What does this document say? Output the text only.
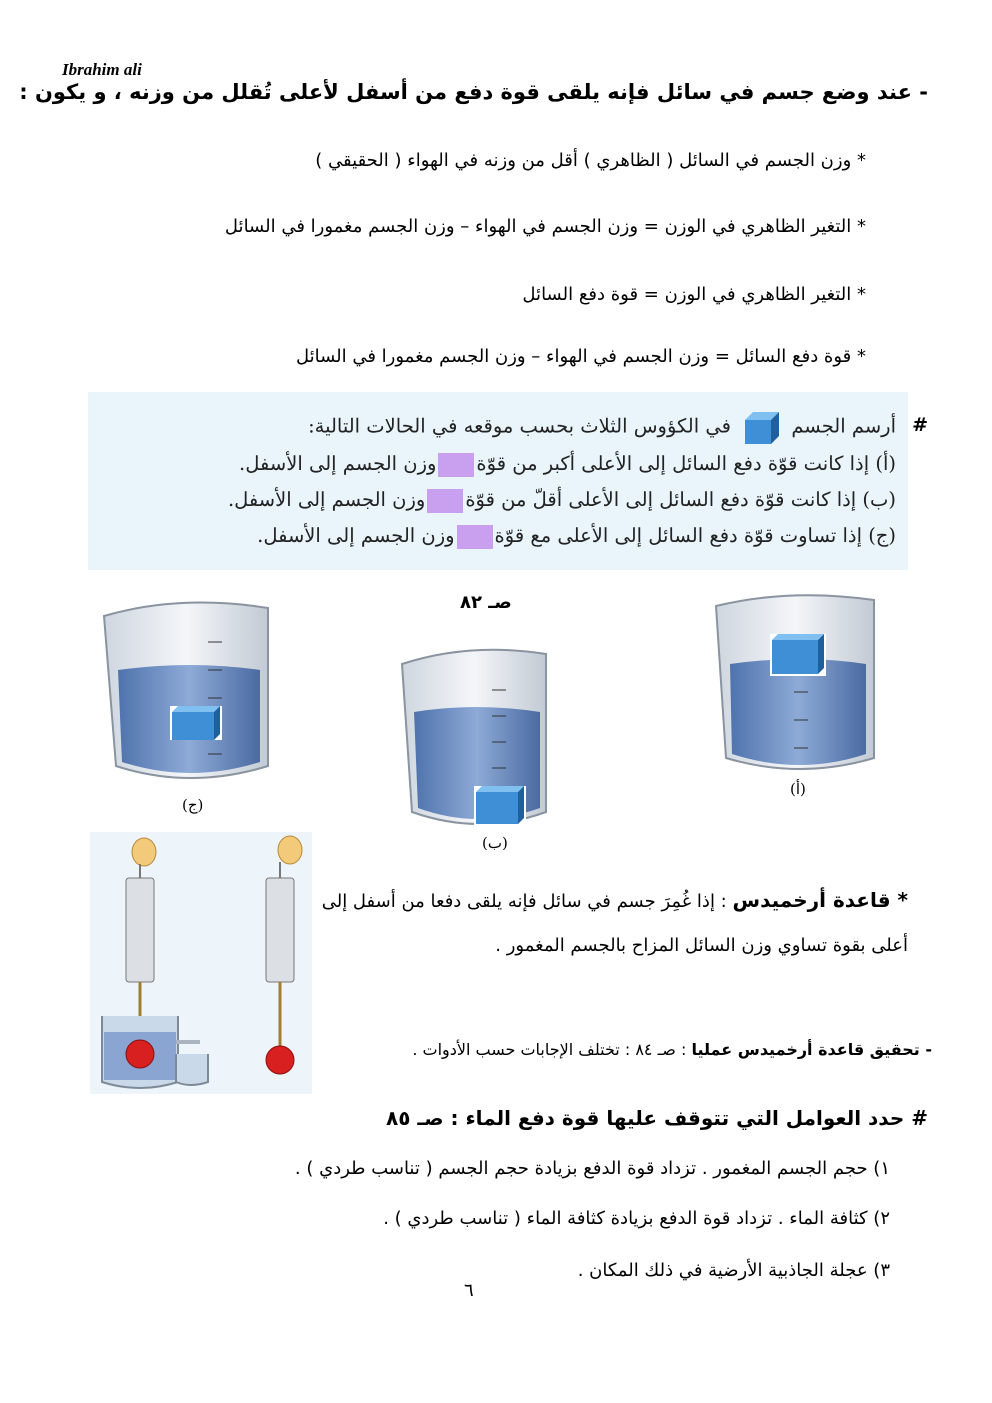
Ibrahim ali
- عند وضع جسم في سائل فإنه يلقى قوة دفع من أسفل لأعلى تُقلل من وزنه ، و يكون :
* وزن الجسم في السائل ( الظاهري ) أقل من وزنه في الهواء ( الحقيقي )
* التغير الظاهري في الوزن = وزن الجسم في الهواء – وزن الجسم مغمورا في السائل
* التغير الظاهري في الوزن = قوة دفع السائل
* قوة دفع السائل = وزن الجسم في الهواء – وزن الجسم مغمورا في السائل
#
أرسم الجسم  في الكؤوس الثلاث بحسب موقعه في الحالات التالية:
(أ) إذا كانت قوّة دفع السائل إلى الأعلى أكبر من قوّةوزن الجسم إلى الأسفل.
(ب) إذا كانت قوّة دفع السائل إلى الأعلى أقلّ من قوّةوزن الجسم إلى الأسفل.
(ج) إذا تساوت قوّة دفع السائل إلى الأعلى مع قوّةوزن الجسم إلى الأسفل.
صـ ٨٢
(ج)
(ب)
(أ)
* قاعدة أرخميدس : إذا غُمِرَ جسم في سائل فإنه يلقى دفعا من أسفل إلى أعلى بقوة تساوي وزن السائل المزاح بالجسم المغمور .
- تحقيق قاعدة أرخميدس عمليا : صـ ٨٤ : تختلف الإجابات حسب الأدوات .
# حدد العوامل التي تتوقف عليها قوة دفع الماء : صـ ٨٥
١) حجم الجسم المغمور . تزداد قوة الدفع بزيادة حجم الجسم ( تناسب طردي ) .
٢) كثافة الماء . تزداد قوة الدفع بزيادة كثافة الماء ( تناسب طردي ) .
٣) عجلة الجاذبية الأرضية في ذلك المكان .
٦
